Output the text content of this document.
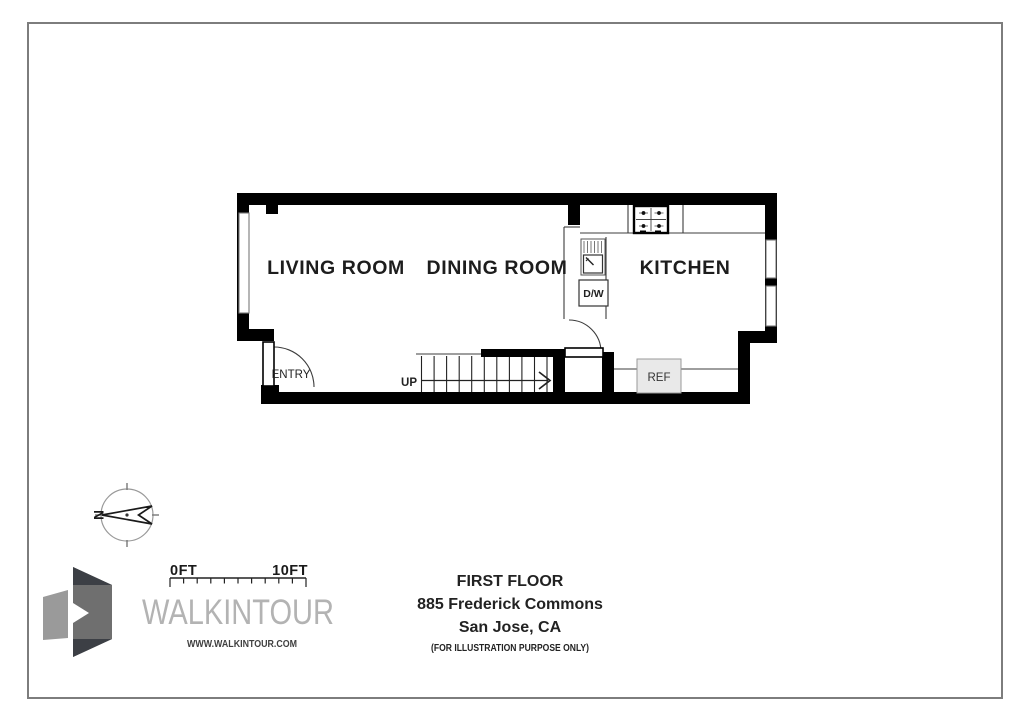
N
0FT	10FT
LIVING ROOM DINING ROOM	KITCHEN
UP
ENTRY
D/W
REF
WALKINTOUR
WWW.WALKINTOUR.COM
FIRST FLOOR
885 Frederick Commons
San Jose, CA
(FOR ILLUSTRATION PURPOSE ONLY)
